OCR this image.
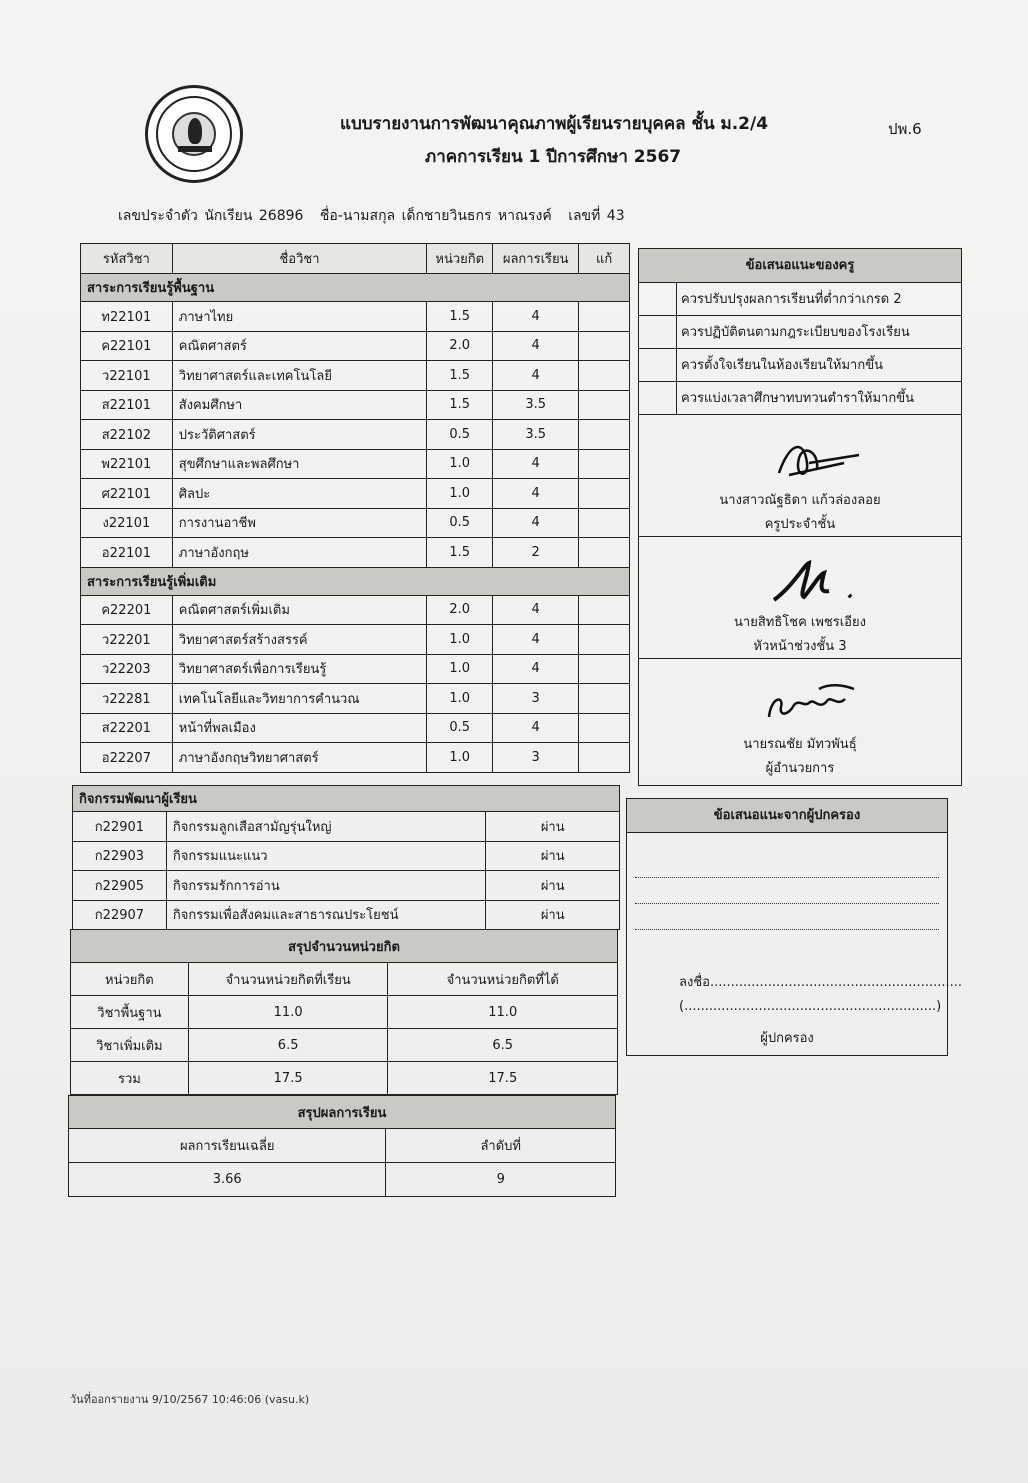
แบบรายงานการพัฒนาคุณภาพผู้เรียนรายบุคคล ชั้น ม.2/4
ภาคการเรียน 1 ปีการศึกษา 2567
ปพ.6
เลขประจำตัว นักเรียน 26896 ชื่อ-นามสกุล เด็กชายวินธกร หาณรงค์ เลขที่ 43
รหัสวิชา	ชื่อวิชา	หน่วยกิต	ผลการเรียน	แก้
สาระการเรียนรู้พื้นฐาน				
ท22101	ภาษาไทย	1.5	4	
ค22101	คณิตศาสตร์	2.0	4	
ว22101	วิทยาศาสตร์และเทคโนโลยี	1.5	4	
ส22101	สังคมศึกษา	1.5	3.5	
ส22102	ประวัติศาสตร์	0.5	3.5	
พ22101	สุขศึกษาและพลศึกษา	1.0	4	
ศ22101	ศิลปะ	1.0	4	
ง22101	การงานอาชีพ	0.5	4	
อ22101	ภาษาอังกฤษ	1.5	2	
สาระการเรียนรู้เพิ่มเติม				
ค22201	คณิตศาสตร์เพิ่มเติม	2.0	4	
ว22201	วิทยาศาสตร์สร้างสรรค์	1.0	4	
ว22203	วิทยาศาสตร์เพื่อการเรียนรู้	1.0	4	
ว22281	เทคโนโลยีและวิทยาการคำนวณ	1.0	3	
ส22201	หน้าที่พลเมือง	0.5	4	
อ22207	ภาษาอังกฤษวิทยาศาสตร์	1.0	3	
กิจกรรมพัฒนาผู้เรียน		
ก22901	กิจกรรมลูกเสือสามัญรุ่นใหญ่	ผ่าน
ก22903	กิจกรรมแนะแนว	ผ่าน
ก22905	กิจกรรมรักการอ่าน	ผ่าน
ก22907	กิจกรรมเพื่อสังคมและสาธารณประโยชน์	ผ่าน
สรุปจำนวนหน่วยกิต		
หน่วยกิต	จำนวนหน่วยกิตที่เรียน	จำนวนหน่วยกิตที่ได้
วิชาพื้นฐาน	11.0	11.0
วิชาเพิ่มเติม	6.5	6.5
รวม	17.5	17.5
สรุปผลการเรียน	
ผลการเรียนเฉลี่ย	ลำดับที่
3.66	9
ข้อเสนอแนะของครู
ควรปรับปรุงผลการเรียนที่ต่ำกว่าเกรด 2
ควรปฏิบัติตนตามกฎระเบียบของโรงเรียน
ควรตั้งใจเรียนในห้องเรียนให้มากขึ้น
ควรแบ่งเวลาศึกษาทบทวนตำราให้มากขึ้น
นางสาวณัฐธิดา แก้วล่องลอย
ครูประจำชั้น
นายสิทธิโชค เพชรเอียง
หัวหน้าช่วงชั้น 3
นายรณชัย มัทวพันธุ์
ผู้อำนวยการ
ข้อเสนอแนะจากผู้ปกครอง
ลงชื่อ.............................................................
(.............................................................)
ผู้ปกครอง
วันที่ออกรายงาน 9/10/2567 10:46:06 (vasu.k)
